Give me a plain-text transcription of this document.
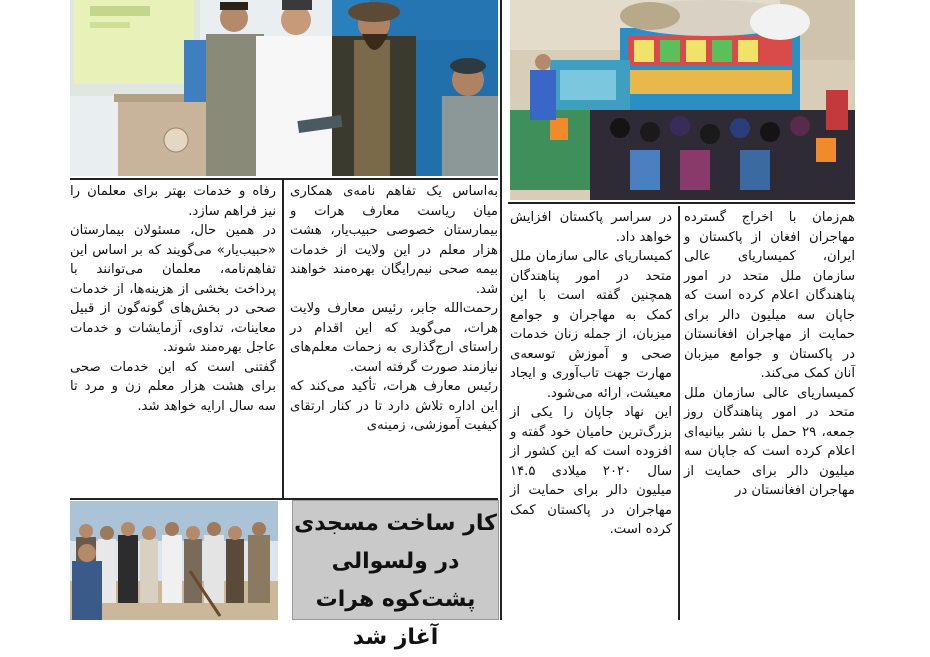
به‌اساس یک تفاهم نامه‌ی همکاری میان ریاست معارف هرات و بیمارستان خصوصی حبیب‌یار، هشت هزار معلم در این ولایت از خدمات بیمه صحی نیم‌رایگان بهره‌مند خواهند شد.

رحمت‌الله جابر، رئیس معارف ولایت هرات، می‌گوید که این اقدام در راستای ارج‌گذاری به زحمات معلم‌های نیازمند صورت گرفته است.

رئیس معارف هرات، تأکید می‌کند که این اداره تلاش دارد تا در کنار ارتقای کیفیت آموزشی، زمینه‌ی

رفاه و خدمات بهتر برای معلمان را نیز فراهم سازد.

در همین حال، مسئولان بیمارستان «حبیب‌یار» می‌گویند که بر اساس این تفاهم‌نامه، معلمان می‌توانند با پرداخت بخشی از هزینه‌ها، از خدمات صحی در بخش‌های گونه‌گون از قبیل معاینات، تداوی، آزمایشات و خدمات عاجل بهره‌مند شوند.

گفتنی است که این خدمات صحی برای هشت هزار معلم زن و مرد تا سه سال ارایه خواهد شد.

هم‌زمان با اخراج گسترده مهاجران افغان از پاکستان و ایران، کمیساریای عالی سازمان ملل متحد در امور پناهندگان اعلام کرده است که جاپان سه میلیون دالر برای حمایت از مهاجران افغانستان در پاکستان و جوامع میزبان آنان کمک می‌کند.

کمیساریای عالی سازمان ملل متحد در امور پناهندگان روز جمعه، ۲۹ حمل با نشر بیانیه‌ای اعلام کرده است که جاپان سه میلیون دالر برای حمایت از مهاجران افغانستان در

در سراسر پاکستان افزایش خواهد داد.

کمیساریای عالی سازمان ملل متحد در امور پناهندگان همچنین گفته است با این کمک به مهاجران و جوامع میزبان، از جمله زنان خدمات صحی و آموزش توسعه‌ی مهارت جهت تاب‌آوری و ایجاد معیشت، ارائه می‌شود.

این نهاد جاپان را یکی از بزرگ‌ترین حامیان خود گفته و افزوده است که این کشور از سال ۲۰۲۰ میلادی ۱۴.۵ میلیون دالر برای حمایت از مهاجران در پاکستان کمک کرده است.

کار ساخت مسجدی در ولسوالی پشت‌کوه هرات آغاز شد
